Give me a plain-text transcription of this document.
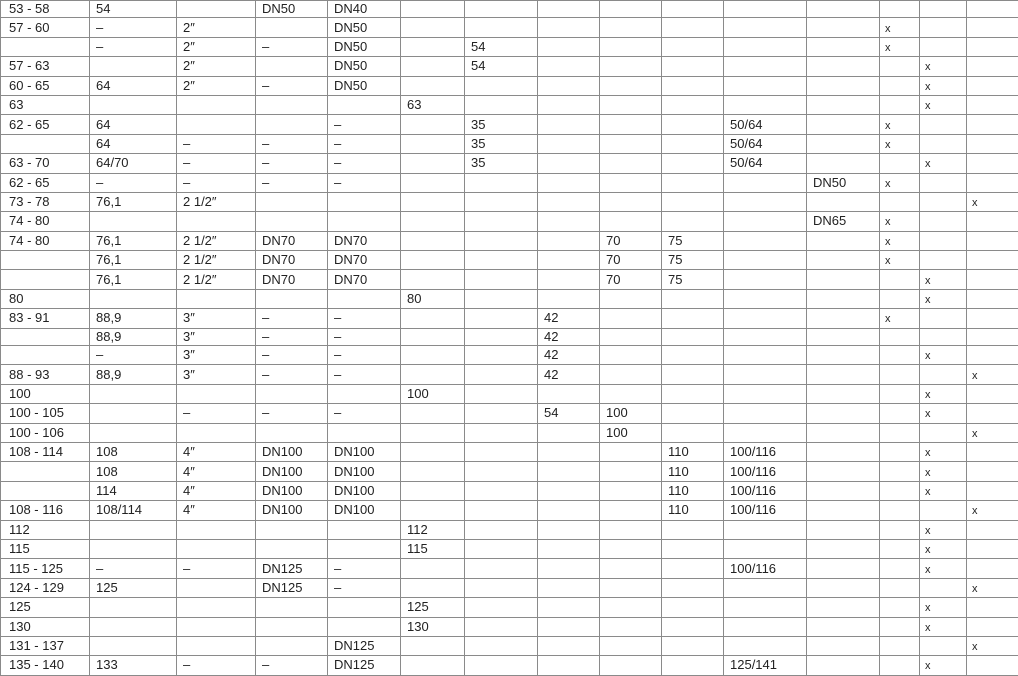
53 - 58	54		DN50	DN40										
57 - 60	–	2″		DN50								x		
	–	2″	–	DN50		54						x		
57 - 63		2″		DN50		54							x	
60 - 65	64	2″	–	DN50									x	
63					63								x	
62 - 65	64			–		35				50/64		x		
	64	–	–	–		35				50/64		x		
63 - 70	64/70	–	–	–		35				50/64			x	
62 - 65	–	–	–	–							DN50	x		
73 - 78	76,1	2 1/2″												x
74 - 80											DN65	x		
74 - 80	76,1	2 1/2″	DN70	DN70				70	75			x		
	76,1	2 1/2″	DN70	DN70				70	75			x		
	76,1	2 1/2″	DN70	DN70				70	75				x	
80					80								x	
83 - 91	88,9	3″	–	–			42					x		
	88,9	3″	–	–			42							
	–	3″	–	–			42						x	
88 - 93	88,9	3″	–	–			42							x
100					100								x	
100 - 105		–	–	–			54	100					x	
100 - 106								100						x
108 - 114	108	4″	DN100	DN100					110	100/116			x	
	108	4″	DN100	DN100					110	100/116			x	
	114	4″	DN100	DN100					110	100/116			x	
108 - 116	108/114	4″	DN100	DN100					110	100/116				x
112					112								x	
115					115								x	
115 - 125	–	–	DN125	–						100/116			x	
124 - 129	125		DN125	–										x
125					125								x	
130					130								x	
131 - 137				DN125										x
135 - 140	133	–	–	DN125						125/141			x	
